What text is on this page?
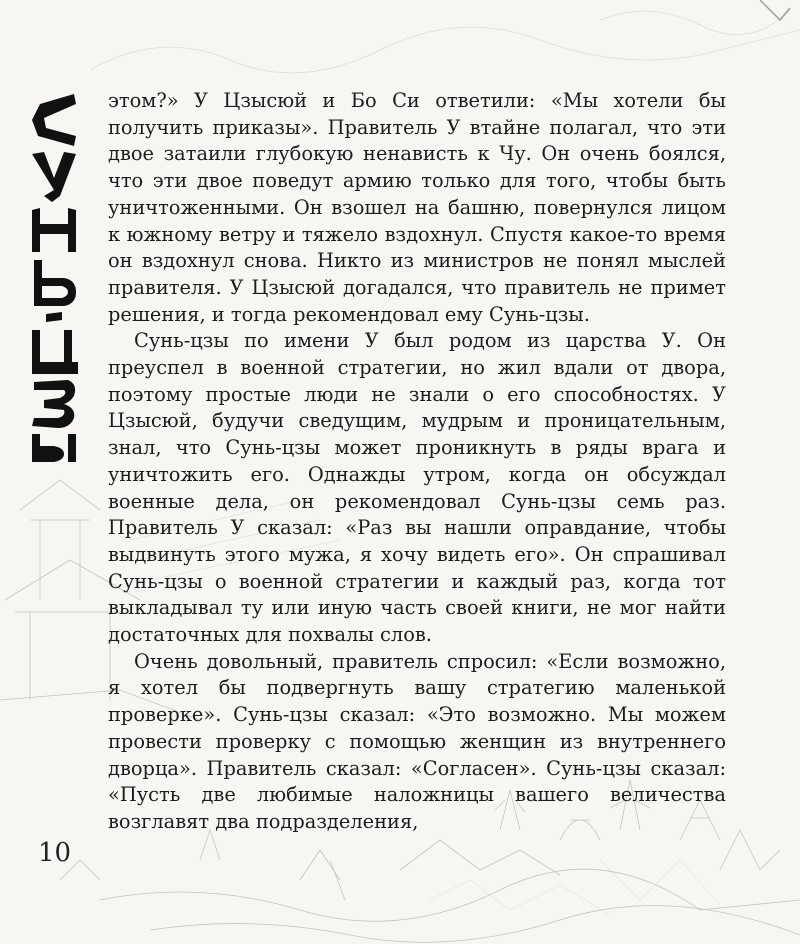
этом?» У Цзысюй и Бо Си ответили: «Мы хотели бы получить приказы». Правитель У втайне полагал, что эти двое затаили глубокую ненависть к Чу. Он очень боялся, что эти двое поведут армию только для того, чтобы быть уничтоженными. Он взошел на башню, повернулся лицом к южному ветру и тяжело вздохнул. Спустя какое-то время он вздохнул снова. Никто из министров не понял мыслей правителя. У Цзысюй догадался, что правитель не примет решения, и тогда рекомендовал ему Сунь-цзы.

Сунь-цзы по имени У был родом из царства У. Он преуспел в военной стратегии, но жил вдали от двора, поэтому простые люди не знали о его способностях. У Цзысюй, будучи сведущим, мудрым и проницательным, знал, что Сунь-цзы может проникнуть в ряды врага и уничтожить его. Однажды утром, когда он обсуждал военные дела, он рекомендовал Сунь-цзы семь раз. Правитель У сказал: «Раз вы нашли оправдание, чтобы выдвинуть этого мужа, я хочу видеть его». Он спрашивал Сунь-цзы о военной стратегии и каждый раз, когда тот выкладывал ту или иную часть своей книги, не мог найти достаточных для похвалы слов.

Очень довольный, правитель спросил: «Если возможно, я хотел бы подвергнуть вашу стратегию маленькой проверке». Сунь-цзы сказал: «Это возможно. Мы можем провести проверку с помощью женщин из внутреннего дворца». Правитель сказал: «Согласен». Сунь-цзы сказал: «Пусть две любимые наложницы вашего величества возглавят два подразделения,

10
